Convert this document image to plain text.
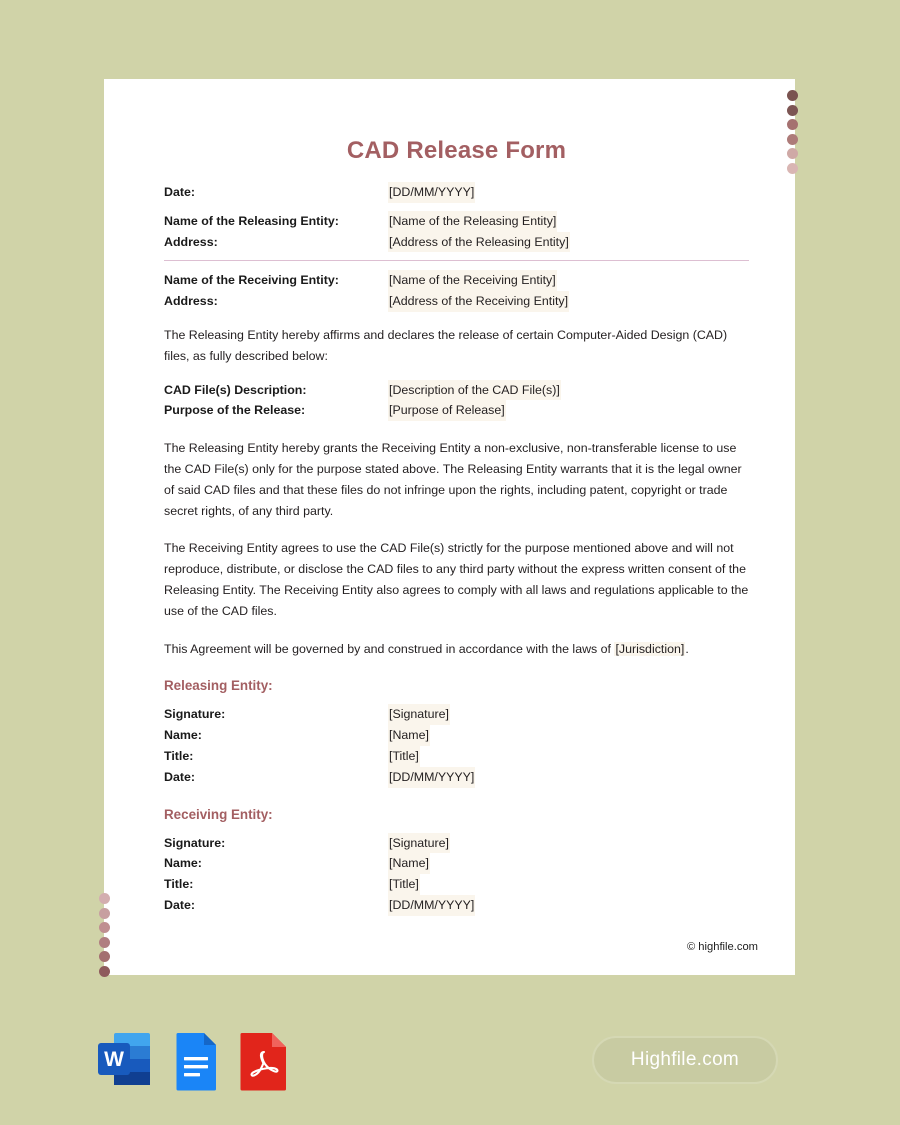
CAD Release Form
Date:	[DD/MM/YYYY]
Name of the Releasing Entity:	[Name of the Releasing Entity]
Address:	[Address of the Releasing Entity]
Name of the Receiving Entity:	[Name of the Receiving Entity]
Address:	[Address of the Receiving Entity]

The Releasing Entity hereby affirms and declares the release of certain Computer-Aided Design (CAD) files, as fully described below:

CAD File(s) Description:	[Description of the CAD File(s)]
Purpose of the Release:	[Purpose of Release]

The Releasing Entity hereby grants the Receiving Entity a non-exclusive, non-transferable license to use the CAD File(s) only for the purpose stated above. The Releasing Entity warrants that it is the legal owner of said CAD files and that these files do not infringe upon the rights, including patent, copyright or trade secret rights, of any third party.

The Receiving Entity agrees to use the CAD File(s) strictly for the purpose mentioned above and will not reproduce, distribute, or disclose the CAD files to any third party without the express written consent of the Releasing Entity. The Receiving Entity also agrees to comply with all laws and regulations applicable to the use of the CAD files.

This Agreement will be governed by and construed in accordance with the laws of [Jurisdiction].

Releasing Entity:

Signature:	[Signature]
Name:	[Name]
Title:	[Title]
Date:	[DD/MM/YYYY]

Receiving Entity:

Signature:	[Signature]
Name:	[Name]
Title:	[Title]
Date:	[DD/MM/YYYY]
© highfile.com
W	Highfile.com
